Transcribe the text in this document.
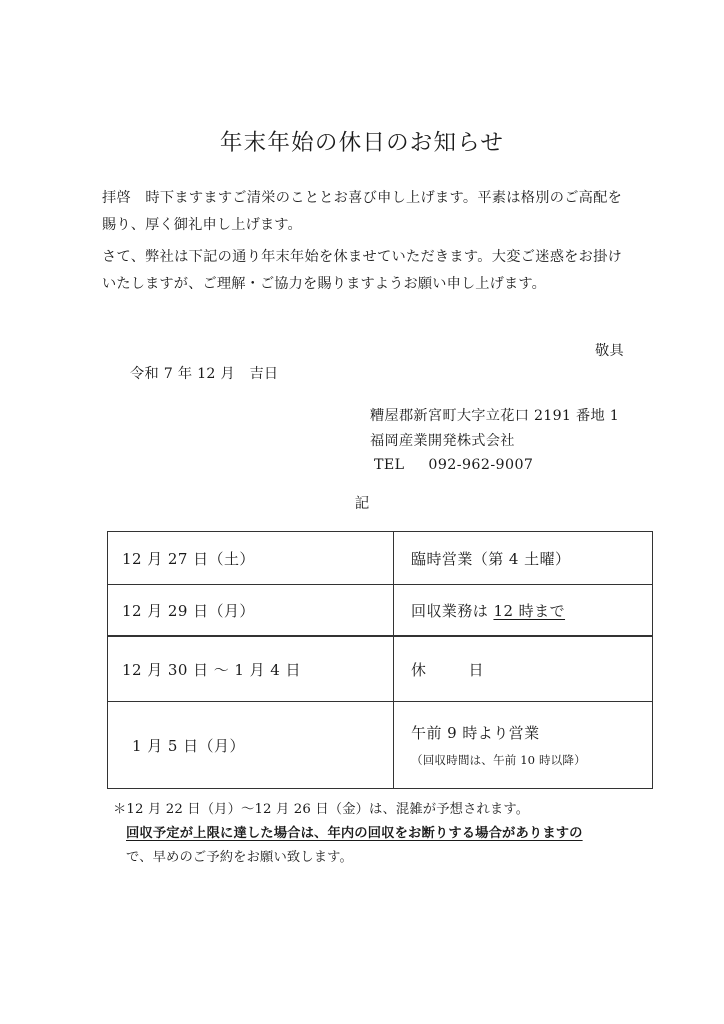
年末年始の休日のお知らせ
拝啓　時下ますますご清栄のこととお喜び申し上げます。平素は格別のご高配を賜り、厚く御礼申し上げます。
さて、弊社は下記の通り年末年始を休ませていただきます。大変ご迷惑をお掛けいたしますが、ご理解・ご協力を賜りますようお願い申し上げます。
敬具
令和 7 年 12 月　吉日
糟屋郡新宮町大字立花口 2191 番地 1
福岡産業開発株式会社
TEL 092-962-9007
記
12 月 27 日（土）	臨時営業（第 4 土曜）
12 月 29 日（月）	回収業務は 12 時まで
12 月 30 日 ～ 1 月 4 日	休 日
1 月 5 日（月）	午前 9 時より営業
（回収時間は、午前 10 時以降）
＊12 月 22 日（月）～12 月 26 日（金）は、混雑が予想されます。
回収予定が上限に達した場合は、年内の回収をお断りする場合がありますの
で、早めのご予約をお願い致します。
